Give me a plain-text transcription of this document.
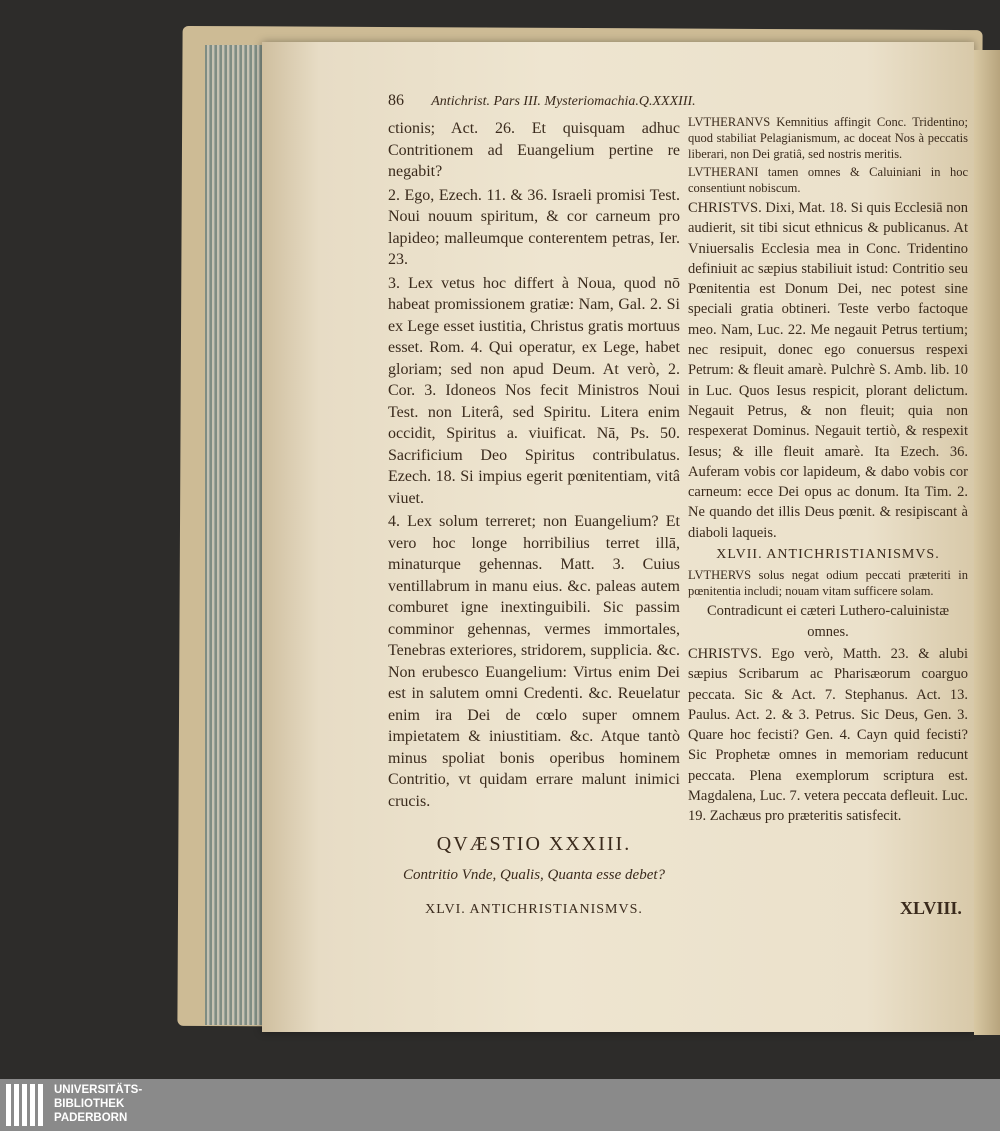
86 Antichrist. Pars III. Mysteriomachia.Q.XXXIII.

ctionis; Act. 26. Et quisquam adhuc Contritionem ad Euangelium pertine re negabit?

2. Ego, Ezech. 11. & 36. Israeli promisi Test. Noui nouum spiritum, & cor carneum pro lapideo; malleumque conterentem petras, Ier. 23.

3. Lex vetus hoc differt à Noua, quod nō habeat promissionem gratiæ: Nam, Gal. 2. Si ex Lege esset iustitia, Christus gratis mortuus esset. Rom. 4. Qui operatur, ex Lege, habet gloriam; sed non apud Deum. At verò, 2. Cor. 3. Idoneos Nos fecit Ministros Noui Test. non Literâ, sed Spiritu. Litera enim occidit, Spiritus a. viuificat. Nā, Ps. 50. Sacrificium Deo Spiritus contribulatus. Ezech. 18. Si impius egerit pœnitentiam, vitâ viuet.

4. Lex solum terreret; non Euangelium? Et vero hoc longe horribilius terret illā, minaturque gehennas. Matt. 3. Cuius ventillabrum in manu eius. &c. paleas autem comburet igne inextinguibili. Sic passim comminor gehennas, vermes immortales, Tenebras exteriores, stridorem, supplicia. &c. Non erubesco Euangelium: Virtus enim Dei est in salutem omni Credenti. &c. Reuelatur enim ira Dei de cœlo super omnem impietatem & iniustitiam. &c. Atque tantò minus spoliat bonis operibus hominem Contritio, vt quidam errare malunt inimici crucis.

QVÆSTIO XXXIII.

Contritio Vnde, Qualis, Quanta esse debet?

XLVI. ANTICHRISTIANISMVS.

LVTHERANVS Kemnitius affingit Conc. Tridentino; quod stabiliat Pelagianismum, ac doceat Nos à peccatis liberari, non Dei gratiâ, sed nostris meritis.

LVTHERANI tamen omnes & Caluiniani in hoc consentiunt nobiscum.

CHRISTVS. Dixi, Mat. 18. Si quis Ecclesiā non audierit, sit tibi sicut ethnicus & publicanus. At Vniuersalis Ecclesia mea in Conc. Tridentino definiuit ac sæpius stabiliuit istud: Contritio seu Pœnitentia est Donum Dei, nec potest sine speciali gratia obtineri. Teste verbo factoque meo. Nam, Luc. 22. Me negauit Petrus tertium; nec resipuit, donec ego conuersus respexi Petrum: & fleuit amarè. Pulchrè S. Amb. lib. 10 in Luc. Quos Iesus respicit, plorant delictum. Negauit Petrus, & non fleuit; quia non respexerat Dominus. Negauit tertiò, & respexit Iesus; & ille fleuit amarè. Ita Ezech. 36. Auferam vobis cor lapideum, & dabo vobis cor carneum: ecce Dei opus ac donum. Ita Tim. 2. Ne quando det illis Deus pœnit. & resipiscant à diaboli laqueis.

XLVII. ANTICHRISTIANISMVS.

LVTHERVS solus negat odium peccati præteriti in pœnitentia includi; nouam vitam sufficere solam.

Contradicunt ei cæteri Luthero-caluinistæ omnes.

CHRISTVS. Ego verò, Matth. 23. & alubi sæpius Scribarum ac Pharisæorum coarguo peccata. Sic & Act. 7. Stephanus. Act. 13. Paulus. Act. 2. & 3. Petrus. Sic Deus, Gen. 3. Quare hoc fecisti? Gen. 4. Cayn quid fecisti? Sic Prophetæ omnes in memoriam reducunt peccata. Plena exemplorum scriptura est. Magdalena, Luc. 7. vetera peccata defleuit. Luc. 19. Zachæus pro præteritis satisfecit.

XLVIII.
UNIVERSITÄTS-
BIBLIOTHEK
PADERBORN
